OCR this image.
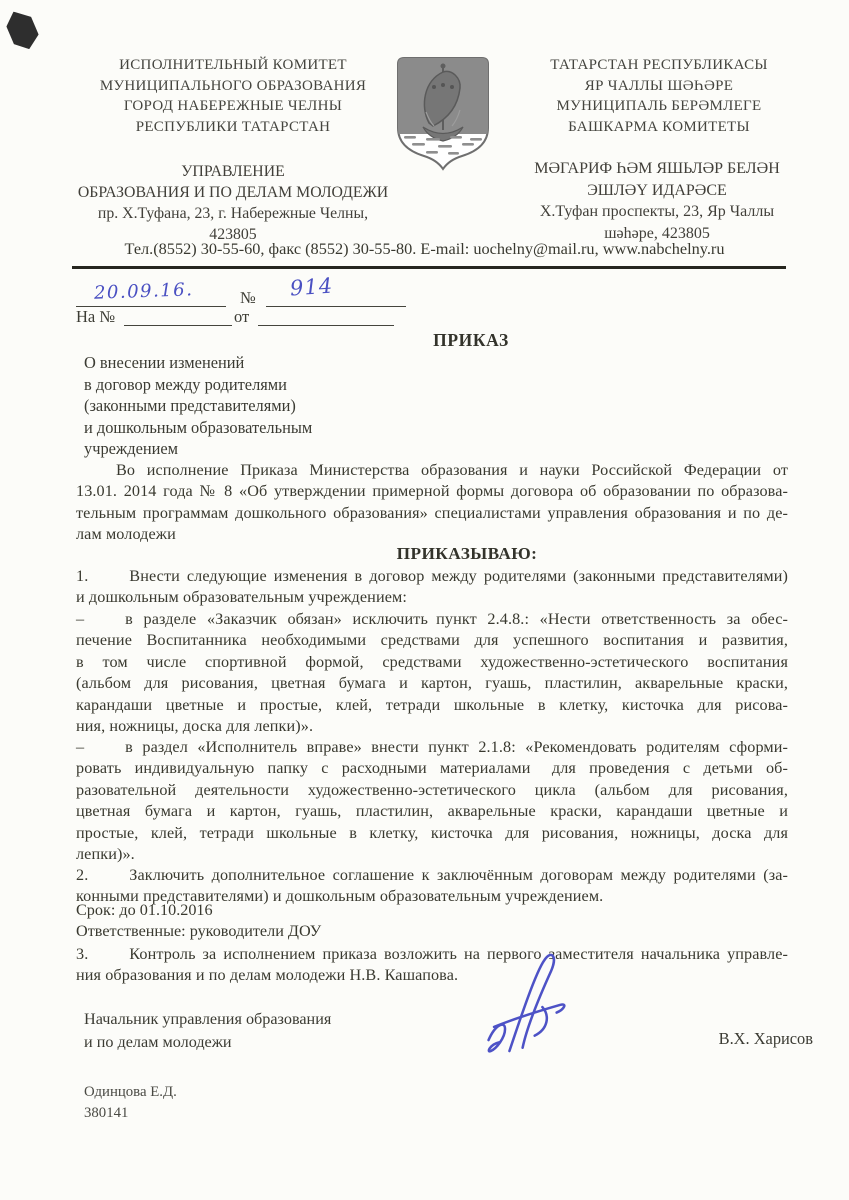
ИСПОЛНИТЕЛЬНЫЙ КОМИТЕТ
МУНИЦИПАЛЬНОГО ОБРАЗОВАНИЯ
ГОРОД НАБЕРЕЖНЫЕ ЧЕЛНЫ
РЕСПУБЛИКИ ТАТАРСТАН
ТАТАРСТАН РЕСПУБЛИКАСЫ
ЯР ЧАЛЛЫ ШӘҺӘРЕ
МУНИЦИПАЛЬ БЕРӘМЛЕГЕ
БАШКАРМА КОМИТЕТЫ
УПРАВЛЕНИЕ
ОБРАЗОВАНИЯ И ПО ДЕЛАМ МОЛОДЕЖИ
пр. Х.Туфана, 23, г. Набережные Челны,
423805
МӘГАРИФ ҺӘМ ЯШЬЛӘР БЕЛӘН
ЭШЛӘҮ ИДАРӘСЕ
Х.Туфан проспекты, 23, Яр Чаллы
шәһәре, 423805
Тел.(8552) 30-55-60, факс (8552) 30-55-80. E-mail: uochelny@mail.ru, www.nabchelny.ru
20.09.16.	№ 914
На №	от
ПРИКАЗ
О внесении изменений
в договор между родителями
(законными представителями)
и дошкольным образовательным
учреждением
Во исполнение Приказа Министерства образования и науки Российской Федерации от
13.01. 2014 года № 8 «Об утверждении примерной формы договора об образовании по образова-
тельным программам дошкольного образования» специалистами управления образования и по де-
лам молодежи
ПРИКАЗЫВАЮ:
1.     Внести следующие изменения в договор между родителями (законными представителями)
и дошкольным образовательным учреждением:
–     в разделе «Заказчик обязан» исключить пункт 2.4.8.: «Нести ответственность за обес-
печение Воспитанника необходимыми средствами для успешного воспитания и развития,
в том числе спортивной формой, средствами художественно-эстетического воспитания
(альбом для рисования, цветная бумага и картон, гуашь, пластилин, акварельные краски,
карандаши цветные и простые, клей, тетради школьные в клетку, кисточка для рисова-
ния, ножницы, доска для лепки)».
–     в раздел «Исполнитель вправе» внести пункт 2.1.8: «Рекомендовать родителям сформи-
ровать индивидуальную папку с расходными материалами  для проведения с детьми об-
разовательной деятельности художественно-эстетического цикла (альбом для рисования,
цветная бумага и картон, гуашь, пластилин, акварельные краски, карандаши цветные и
простые, клей, тетради школьные в клетку, кисточка для рисования, ножницы, доска для
лепки)».
2.     Заключить дополнительное соглашение к заключённым договорам между родителями (за-
конными представителями) и дошкольным образовательным учреждением.
Срок: до 01.10.2016
Ответственные: руководители ДОУ
3.     Контроль за исполнением приказа возложить на первого заместителя начальника управле-
ния образования и по делам молодежи Н.В. Кашапова.
Начальник управления образования
и по делам молодежи	В.Х. Харисов
Одинцова Е.Д.
380141
